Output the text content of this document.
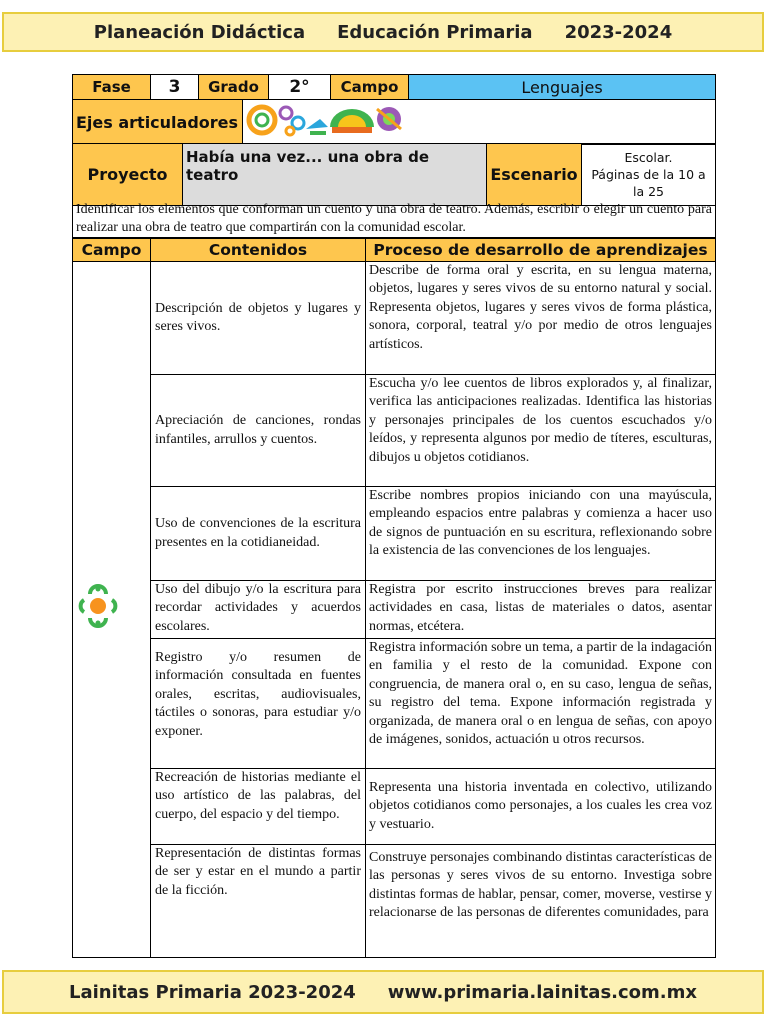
Planeación Didáctica Educación Primaria 2023-2024
Fase	3	Grado	2°	Campo	Lenguajes
Ejes articuladores	
Proyecto	Había una vez... una obra de teatro	Escenario	
Escolar.
Páginas de la 10 a la 25
Identificar los elementos que conforman un cuento y una obra de teatro. Además, escribir o elegir un cuento para realizar una obra de teatro que compartirán con la comunidad escolar.
Campo	Contenidos	Proceso de desarrollo de aprendizajes
	Descripción de objetos y lugares y seres vivos.	Describe de forma oral y escrita, en su lengua materna, objetos, lugares y seres vivos de su entorno natural y social. Representa objetos, lugares y seres vivos de forma plástica, sonora, corporal, teatral y/o por medio de otros lenguajes artísticos.
	Apreciación de canciones, rondas infantiles, arrullos y cuentos.	Escucha y/o lee cuentos de libros explorados y, al finalizar, verifica las anticipaciones realizadas. Identifica las historias y personajes principales de los cuentos escuchados y/o leídos, y representa algunos por medio de títeres, esculturas, dibujos u objetos cotidianos.
	Uso de convenciones de la escritura presentes en la cotidianeidad.	Escribe nombres propios iniciando con una mayúscula, empleando espacios entre palabras y comienza a hacer uso de signos de puntuación en su escritura, reflexionando sobre la existencia de las convenciones de los lenguajes.
	Uso del dibujo y/o la escritura para recordar actividades y acuerdos escolares.	Registra por escrito instrucciones breves para realizar actividades en casa, listas de materiales o datos, asentar normas, etcétera.
	Registro y/o resumen de información consultada en fuentes orales, escritas, audiovisuales, táctiles o sonoras, para estudiar y/o exponer.	Registra información sobre un tema, a partir de la indagación en familia y el resto de la comunidad. Expone con congruencia, de manera oral o, en su caso, lengua de señas, su registro del tema. Expone información registrada y organizada, de manera oral o en lengua de señas, con apoyo de imágenes, sonidos, actuación u otros recursos.
	Recreación de historias mediante el uso artístico de las palabras, del cuerpo, del espacio y del tiempo.	Representa una historia inventada en colectivo, utilizando objetos cotidianos como personajes, a los cuales les crea voz y vestuario.
	Representación de distintas formas de ser y estar en el mundo a partir de la ficción.	Construye personajes combinando distintas características de las personas y seres vivos de su entorno. Investiga sobre distintas formas de hablar, pensar, comer, moverse, vestirse y relacionarse de las personas de diferentes comunidades, para
Lainitas Primaria 2023-2024 www.primaria.lainitas.com.mx
